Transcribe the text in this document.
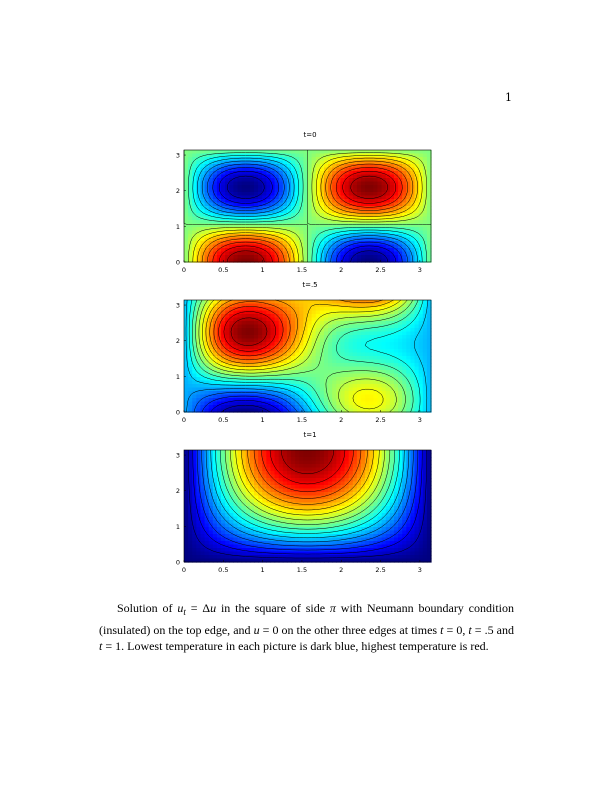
1
t=0
0	0.5	1	1.5	2	2.5	3
0
1
2
3
t=.5
0	0.5	1	1.5	2	2.5	3
0
1
2
3
t=1
0	0.5	1	1.5	2	2.5	3
0
1
2
3
Solution of $u_t = \Delta u$ in the square of side π with Neumann boundary condition (insulated) on the top edge, and u = 0 on the other three edges at times t = 0, t = .5 and t = 1. Lowest temperature in each picture is dark blue, highest temperature is red.
